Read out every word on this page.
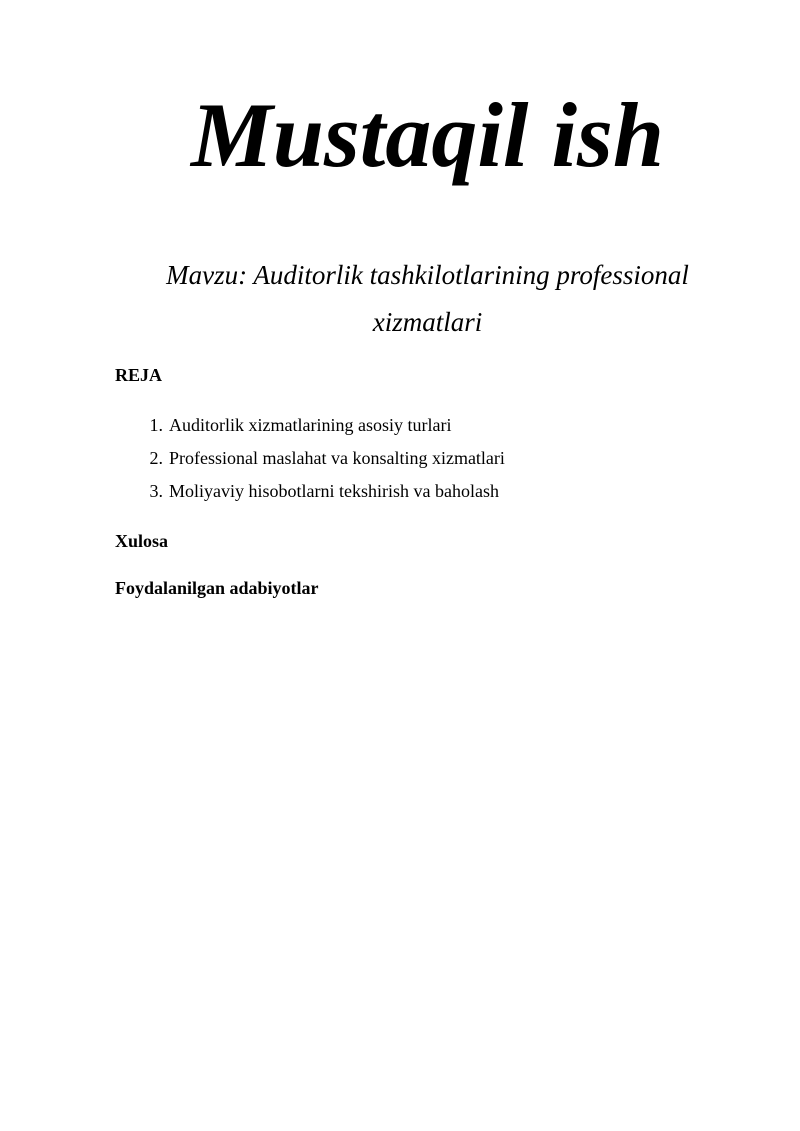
Mustaqil ish

Mavzu: Auditorlik tashkilotlarining professional xizmatlari

REJA

1. Auditorlik xizmatlarining asosiy turlari
2. Professional maslahat va konsalting xizmatlari
3. Moliyaviy hisobotlarni tekshirish va baholash

Xulosa

Foydalanilgan adabiyotlar
